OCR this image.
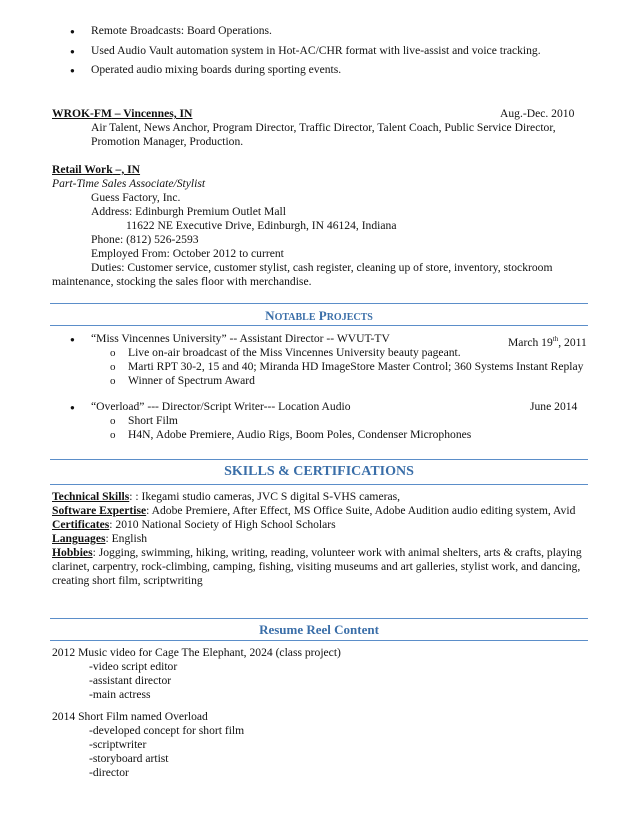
● Remote Broadcasts: Board Operations.
● Used Audio Vault automation system in Hot-AC/CHR format with live-assist and voice tracking.
● Operated audio mixing boards during sporting events.
WROK-FM – Vincennes, IN	Aug.-Dec. 2010
Air Talent, News Anchor, Program Director, Traffic Director, Talent Coach, Public Service Director,
Promotion Manager, Production.
Retail Work –, IN
Part-Time Sales Associate/Stylist
Guess Factory, Inc.
Address: Edinburgh Premium Outlet Mall
11622 NE Executive Drive, Edinburgh, IN 46124, Indiana
Phone: (812) 526-2593
Employed From: October 2012 to current
Duties: Customer service, customer stylist, cash register, cleaning up of store, inventory, stockroom
maintenance, stocking the sales floor with merchandise.
NOTABLE PROJECTS
● “Miss Vincennes University” -- Assistant Director -- WVUT-TV	March 19th, 2011
o Live on-air broadcast of the Miss Vincennes University beauty pageant.
o Marti RPT 30-2, 15 and 40; Miranda HD ImageStore Master Control; 360 Systems Instant Replay
o Winner of Spectrum Award
● “Overload” --- Director/Script Writer--- Location Audio	June 2014
o Short Film
o H4N, Adobe Premiere, Audio Rigs, Boom Poles, Condenser Microphones
SKILLS & CERTIFICATIONS
Technical Skills: : Ikegami studio cameras, JVC S digital S-VHS cameras,
Software Expertise: Adobe Premiere, After Effect, MS Office Suite, Adobe Audition audio editing system, Avid
Certificates: 2010 National Society of High School Scholars
Languages: English
Hobbies: Jogging, swimming, hiking, writing, reading, volunteer work with animal shelters, arts & crafts, playing
clarinet, carpentry, rock-climbing, camping, fishing, visiting museums and art galleries, stylist work, and dancing,
creating short film, scriptwriting
Resume Reel Content
2012 Music video for Cage The Elephant, 2024 (class project)
-video script editor
-assistant director
-main actress
2014 Short Film named Overload
-developed concept for short film
-scriptwriter
-storyboard artist
-director
